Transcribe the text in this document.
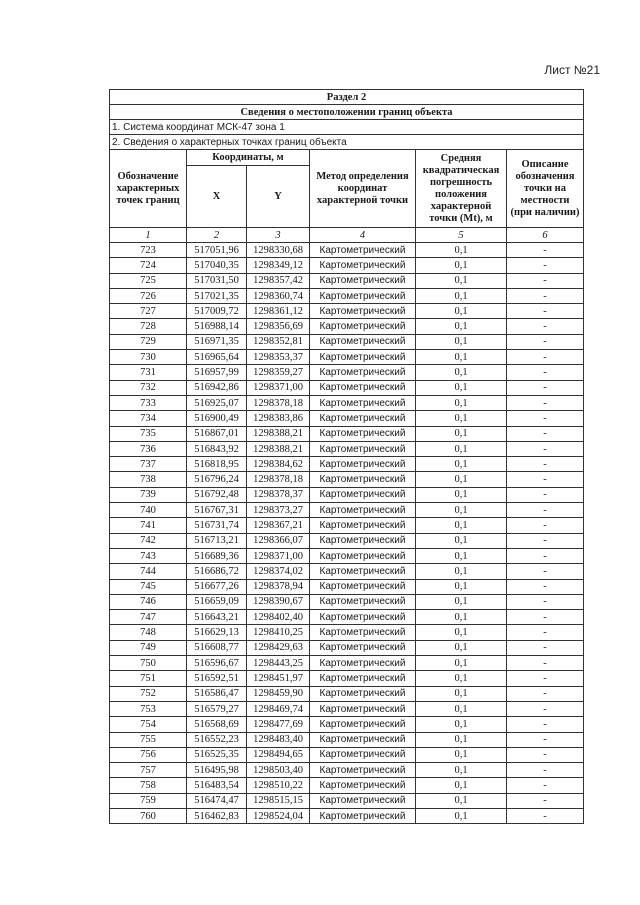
Лист №21
Раздел 2					
Сведения о местоположении границ объекта					
1. Система координат МСК-47 зона 1					
2. Сведения о характерных точках границ объекта					
Обозначение характерных точек границ	Координаты, м		Метод определения координат характерной точки	Средняя квадратическая погрешность положения характерной точки (Mt), м	Описание обозначения точки на местности (при наличии)
	X	Y			
1	2	3	4	5	6
723	517051,96	1298330,68	Картометрический	0,1	-
724	517040,35	1298349,12	Картометрический	0,1	-
725	517031,50	1298357,42	Картометрический	0,1	-
726	517021,35	1298360,74	Картометрический	0,1	-
727	517009,72	1298361,12	Картометрический	0,1	-
728	516988,14	1298356,69	Картометрический	0,1	-
729	516971,35	1298352,81	Картометрический	0,1	-
730	516965,64	1298353,37	Картометрический	0,1	-
731	516957,99	1298359,27	Картометрический	0,1	-
732	516942,86	1298371,00	Картометрический	0,1	-
733	516925,07	1298378,18	Картометрический	0,1	-
734	516900,49	1298383,86	Картометрический	0,1	-
735	516867,01	1298388,21	Картометрический	0,1	-
736	516843,92	1298388,21	Картометрический	0,1	-
737	516818,95	1298384,62	Картометрический	0,1	-
738	516796,24	1298378,18	Картометрический	0,1	-
739	516792,48	1298378,37	Картометрический	0,1	-
740	516767,31	1298373,27	Картометрический	0,1	-
741	516731,74	1298367,21	Картометрический	0,1	-
742	516713,21	1298366,07	Картометрический	0,1	-
743	516689,36	1298371,00	Картометрический	0,1	-
744	516686,72	1298374,02	Картометрический	0,1	-
745	516677,26	1298378,94	Картометрический	0,1	-
746	516659,09	1298390,67	Картометрический	0,1	-
747	516643,21	1298402,40	Картометрический	0,1	-
748	516629,13	1298410,25	Картометрический	0,1	-
749	516608,77	1298429,63	Картометрический	0,1	-
750	516596,67	1298443,25	Картометрический	0,1	-
751	516592,51	1298451,97	Картометрический	0,1	-
752	516586,47	1298459,90	Картометрический	0,1	-
753	516579,27	1298469,74	Картометрический	0,1	-
754	516568,69	1298477,69	Картометрический	0,1	-
755	516552,23	1298483,40	Картометрический	0,1	-
756	516525,35	1298494,65	Картометрический	0,1	-
757	516495,98	1298503,40	Картометрический	0,1	-
758	516483,54	1298510,22	Картометрический	0,1	-
759	516474,47	1298515,15	Картометрический	0,1	-
760	516462,83	1298524,04	Картометрический	0,1	-
